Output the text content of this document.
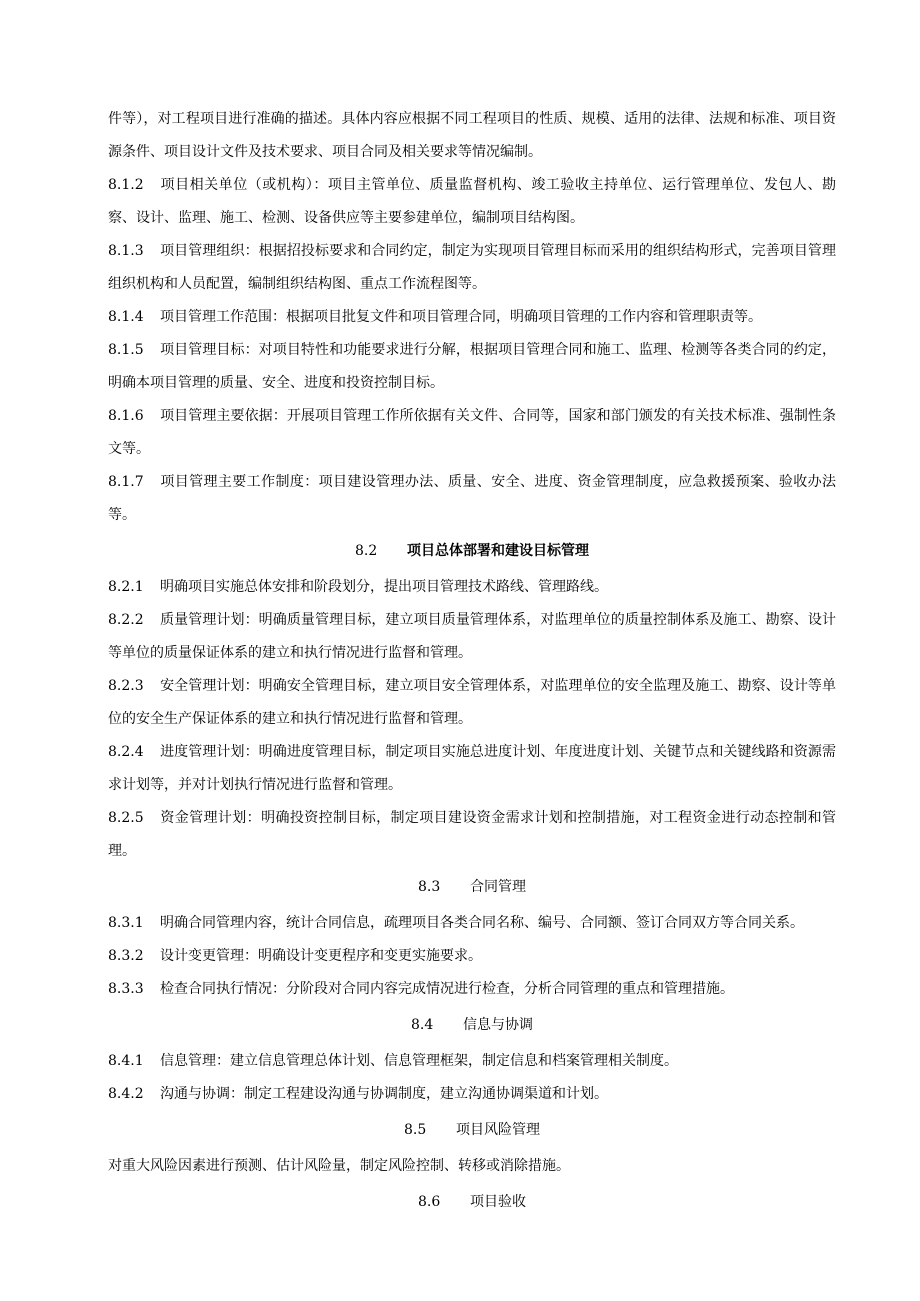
件等），对工程项目进行准确的描述。具体内容应根据不同工程项目的性质、规模、适用的法律、法规和标准、项目资源条件、项目设计文件及技术要求、项目合同及相关要求等情况编制。

8.1.2 项目相关单位（或机构）：项目主管单位、质量监督机构、竣工验收主持单位、运行管理单位、发包人、勘察、设计、监理、施工、检测、设备供应等主要参建单位，编制项目结构图。

8.1.3 项目管理组织：根据招投标要求和合同约定，制定为实现项目管理目标而采用的组织结构形式，完善项目管理组织机构和人员配置，编制组织结构图、重点工作流程图等。

8.1.4 项目管理工作范围：根据项目批复文件和项目管理合同，明确项目管理的工作内容和管理职责等。

8.1.5 项目管理目标：对项目特性和功能要求进行分解，根据项目管理合同和施工、监理、检测等各类合同的约定，明确本项目管理的质量、安全、进度和投资控制目标。

8.1.6 项目管理主要依据：开展项目管理工作所依据有关文件、合同等，国家和部门颁发的有关技术标准、强制性条文等。

8.1.7 项目管理主要工作制度：项目建设管理办法、质量、安全、进度、资金管理制度，应急救援预案、验收办法等。

8.2 项目总体部署和建设目标管理

8.2.1 明确项目实施总体安排和阶段划分，提出项目管理技术路线、管理路线。

8.2.2 质量管理计划：明确质量管理目标，建立项目质量管理体系，对监理单位的质量控制体系及施工、勘察、设计等单位的质量保证体系的建立和执行情况进行监督和管理。

8.2.3 安全管理计划：明确安全管理目标，建立项目安全管理体系，对监理单位的安全监理及施工、勘察、设计等单位的安全生产保证体系的建立和执行情况进行监督和管理。

8.2.4 进度管理计划：明确进度管理目标，制定项目实施总进度计划、年度进度计划、关键节点和关键线路和资源需求计划等，并对计划执行情况进行监督和管理。

8.2.5 资金管理计划：明确投资控制目标，制定项目建设资金需求计划和控制措施，对工程资金进行动态控制和管理。

8.3 合同管理

8.3.1 明确合同管理内容，统计合同信息，疏理项目各类合同名称、编号、合同额、签订合同双方等合同关系。

8.3.2 设计变更管理：明确设计变更程序和变更实施要求。

8.3.3 检查合同执行情况：分阶段对合同内容完成情况进行检查，分析合同管理的重点和管理措施。

8.4 信息与协调

8.4.1 信息管理：建立信息管理总体计划、信息管理框架，制定信息和档案管理相关制度。

8.4.2 沟通与协调：制定工程建设沟通与协调制度，建立沟通协调渠道和计划。

8.5 项目风险管理

对重大风险因素进行预测、估计风险量，制定风险控制、转移或消除措施。

8.6 项目验收
